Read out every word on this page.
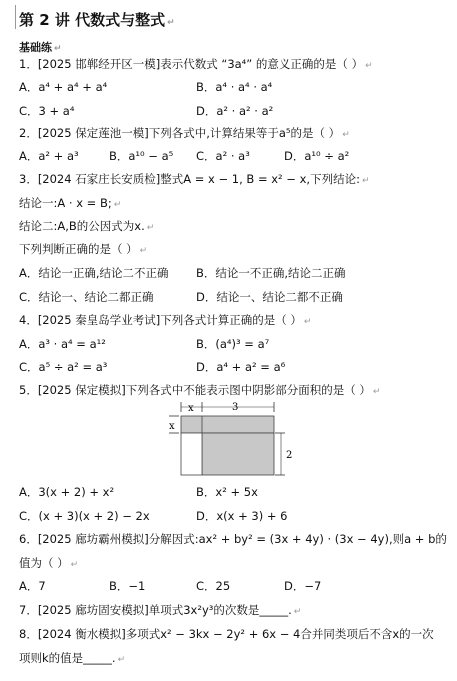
第 2 讲 代数式与整式 ↵
基础练 ↵
1．[2025 邯郸经开区一模]表示代数式 “3a⁴” 的意义正确的是（ ） ↵
A．a⁴ + a⁴ + a⁴	B．a⁴ · a⁴ · a⁴
C．3 + a⁴	D．a² · a² · a²
2．[2025 保定莲池一模]下列各式中,计算结果等于a⁵的是（ ） ↵
A．a² + a³	B．a¹⁰ − a⁵ C．a² · a³	D．a¹⁰ ÷ a²
3．[2024 石家庄长安质检]整式A = x − 1, B = x² − x,下列结论: ↵
结论一:A · x = B; ↵
结论二:A,B的公因式为x. ↵
下列判断正确的是（ ） ↵
A．结论一正确,结论二不正确 B．结论一不正确,结论二正确
C．结论一、结论二都正确	D．结论一、结论二都不正确
4．[2025 秦皇岛学业考试]下列各式计算正确的是（ ） ↵
A．a³ · a⁴ = a¹²	B．(a⁴)³ = a⁷
C．a⁵ ÷ a² = a³	D．a⁴ + a² = a⁶
5．[2025 保定模拟]下列各式中不能表示图中阴影部分面积的是（ ） ↵
x	3
x
2
A．3(x + 2) + x²	B．x² + 5x
C．(x + 3)(x + 2) − 2x	D．x(x + 3) + 6
6．[2025 廊坊霸州模拟]分解因式:ax² + by² = (3x + 4y) · (3x − 4y),则a + b的
值为（ ） ↵
A．7	B．−1	C．25	D．−7
7．[2025 廊坊固安模拟]单项式3x²y³的次数是_____. ↵
8．[2024 衡水模拟]多项式x² − 3kx − 2y² + 6x − 4合并同类项后不含x的一次
项则k的值是_____. ↵
